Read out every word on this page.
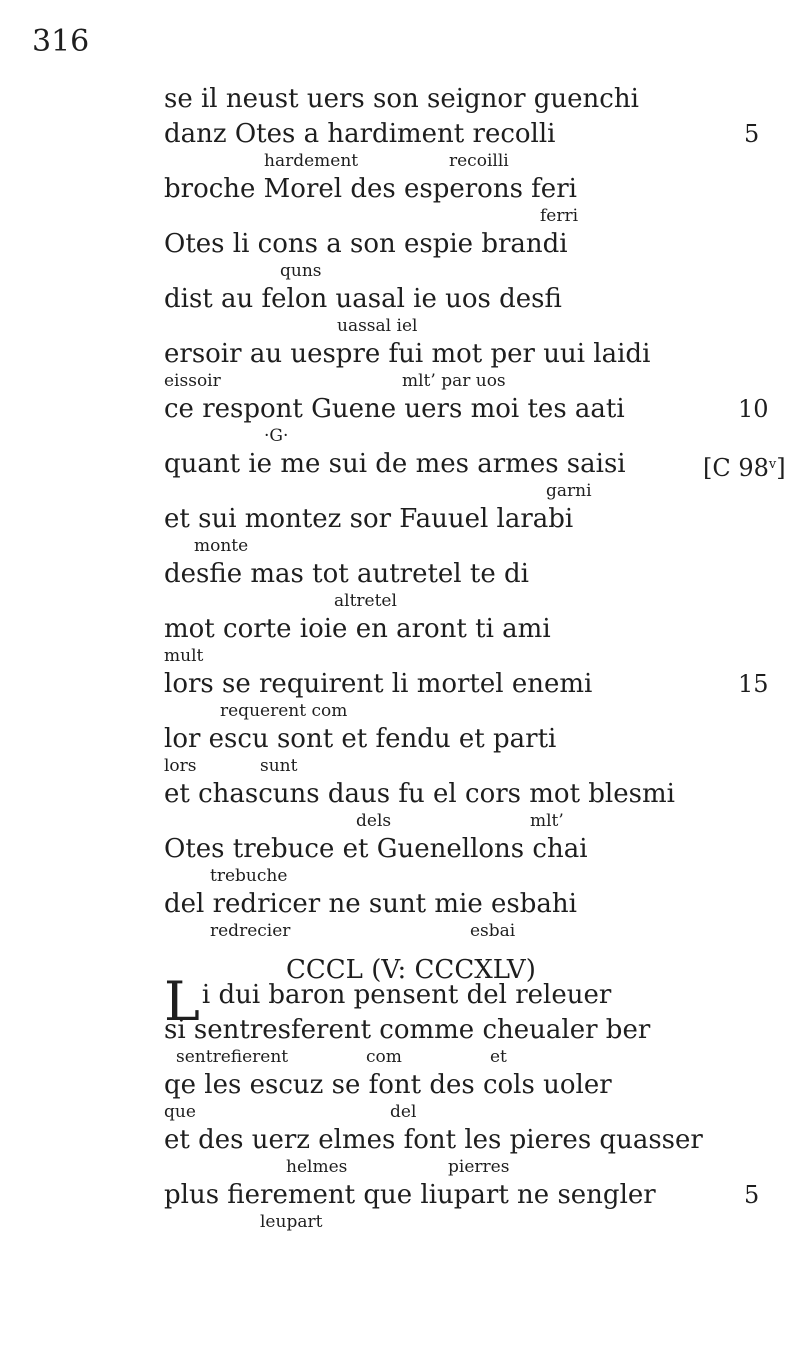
316
se il neust uers son seignor guenchi
danz Otes a hardiment recolli	5
hardement	recoilli
broche Morel des esperons feri
ferri
Otes li cons a son espie brandi
quns
dist au felon uasal ie uos desfi
uassal iel
ersoir au uespre fui mot per uui laidi
eissoir	mlt’ par uos
ce respont Guene uers moi tes aati	10
·G·
quant ie me sui de mes armes saisi	[C 98$^v$]
garni
et sui montez sor Fauuel larabi
monte
desfie mas tot autretel te di
altretel
mot corte ioie en aront ti ami
mult
lors se requirent li mortel enemi	15
requerent com
lor escu sont et fendu et parti
lors	sunt
et chascuns daus fu el cors mot blesmi
dels	mlt’
Otes trebuce et Guenellons chai
trebuche
del redricer ne sunt mie esbahi
redrecier	esbai
CCCL (V: CCCXLV)
Li dui baron pensent del releuer
si sentresferent comme cheualer ber
sentrefierent	com	et
qe les escuz se font des cols uoler
que	del
et des uerz elmes font les pieres quasser
helmes	pierres
plus fierement que liupart ne sengler	5
leupart
